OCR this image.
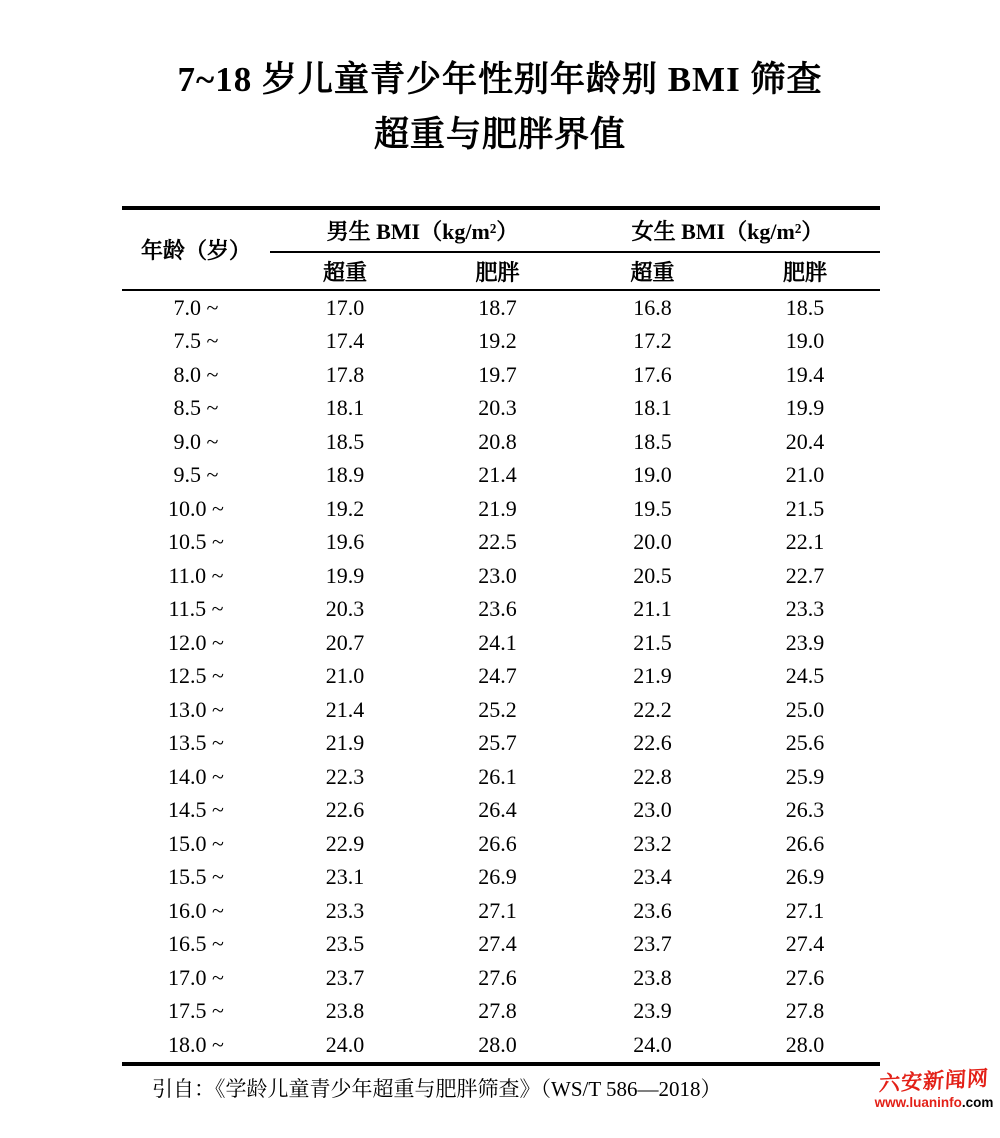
7~18 岁儿童青少年性别年龄别 BMI 筛查
超重与肥胖界值
年龄（岁）	男生 BMI（kg/m²）		女生 BMI（kg/m²）	
	超重	肥胖	超重	肥胖
7.0 ~	17.0	18.7	16.8	18.5
7.5 ~	17.4	19.2	17.2	19.0
8.0 ~	17.8	19.7	17.6	19.4
8.5 ~	18.1	20.3	18.1	19.9
9.0 ~	18.5	20.8	18.5	20.4
9.5 ~	18.9	21.4	19.0	21.0
10.0 ~	19.2	21.9	19.5	21.5
10.5 ~	19.6	22.5	20.0	22.1
11.0 ~	19.9	23.0	20.5	22.7
11.5 ~	20.3	23.6	21.1	23.3
12.0 ~	20.7	24.1	21.5	23.9
12.5 ~	21.0	24.7	21.9	24.5
13.0 ~	21.4	25.2	22.2	25.0
13.5 ~	21.9	25.7	22.6	25.6
14.0 ~	22.3	26.1	22.8	25.9
14.5 ~	22.6	26.4	23.0	26.3
15.0 ~	22.9	26.6	23.2	26.6
15.5 ~	23.1	26.9	23.4	26.9
16.0 ~	23.3	27.1	23.6	27.1
16.5 ~	23.5	27.4	23.7	27.4
17.0 ~	23.7	27.6	23.8	27.6
17.5 ~	23.8	27.8	23.9	27.8
18.0 ~	24.0	28.0	24.0	28.0
引自：《学龄儿童青少年超重与肥胖筛查》（WS/T 586—2018）	六安新闻网
www.luaninfo.com
